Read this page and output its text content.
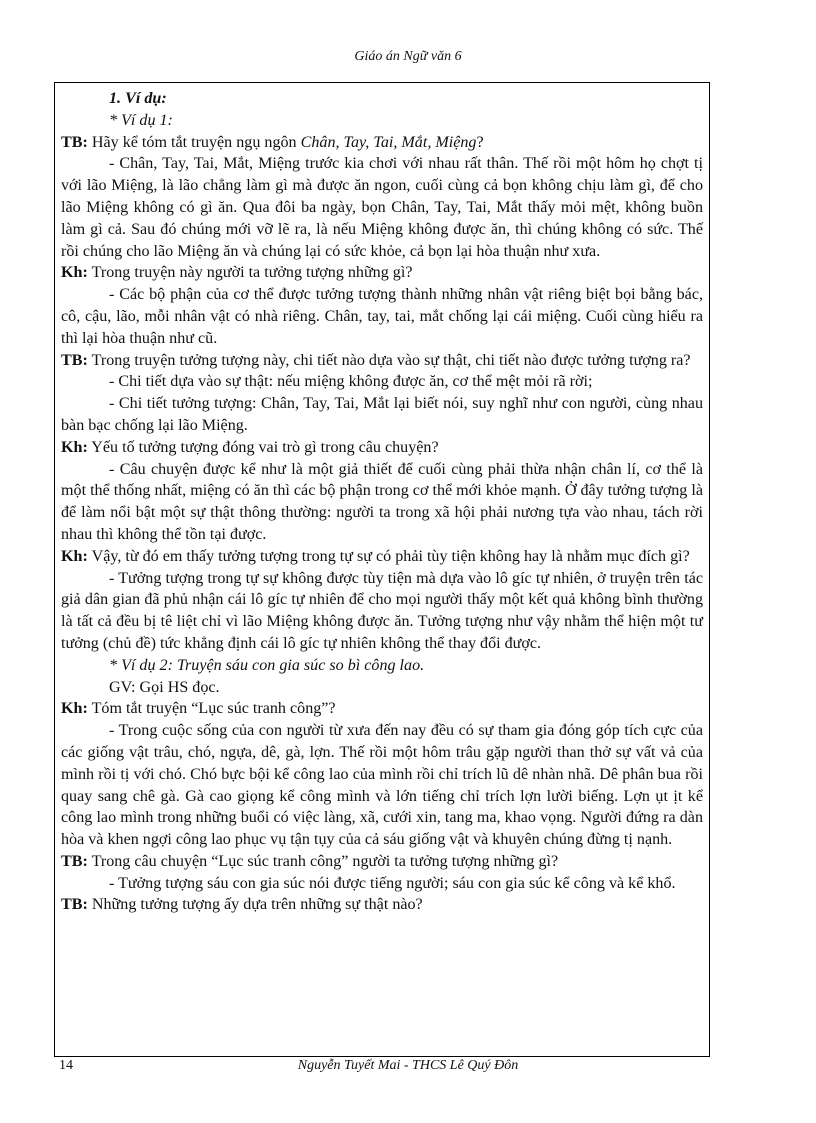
Giáo án Ngữ văn 6

1. Ví dụ:

* Ví dụ 1:

TB: Hãy kể tóm tắt truyện ngụ ngôn Chân, Tay, Tai, Mắt, Miệng?

- Chân, Tay, Tai, Mắt, Miệng trước kia chơi với nhau rất thân. Thế rồi một hôm họ chợt tị với lão Miệng, là lão chẳng làm gì mà được ăn ngon, cuối cùng cả bọn không chịu làm gì, để cho lão Miệng không có gì ăn. Qua đôi ba ngày, bọn Chân, Tay, Tai, Mắt thấy mỏi mệt, không buồn làm gì cả. Sau đó chúng mới vỡ lẽ ra, là nếu Miệng không được ăn, thì chúng không có sức. Thế rồi chúng cho lão Miệng ăn và chúng lại có sức khỏe, cả bọn lại hòa thuận như xưa.

Kh: Trong truyện này người ta tưởng tượng những gì?

- Các bộ phận của cơ thể được tưởng tượng thành những nhân vật riêng biệt bọi bằng bác, cô, cậu, lão, mỗi nhân vật có nhà riêng. Chân, tay, tai, mắt chống lại cái miệng. Cuối cùng hiểu ra thì lại hòa thuận như cũ.

TB: Trong truyện tưởng tượng này, chi tiết nào dựa vào sự thật, chi tiết nào được tưởng tượng ra?

- Chi tiết dựa vào sự thật: nếu miệng không được ăn, cơ thể mệt mỏi rã rời;

- Chi tiết tưởng tượng: Chân, Tay, Tai, Mắt lại biết nói, suy nghĩ như con người, cùng nhau bàn bạc chống lại lão Miệng.

Kh: Yếu tố tưởng tượng đóng vai trò gì trong câu chuyện?

- Câu chuyện được kể như là một giả thiết để cuối cùng phải thừa nhận chân lí, cơ thể là một thể thống nhất, miệng có ăn thì các bộ phận trong cơ thể mới khỏe mạnh. Ở đây tưởng tượng là để làm nổi bật một sự thật thông thường: người ta trong xã hội phải nương tựa vào nhau, tách rời nhau thì không thể tồn tại được.

Kh: Vậy, từ đó em thấy tưởng tượng trong tự sự có phải tùy tiện không hay là nhằm mục đích gì?

- Tưởng tượng trong tự sự không được tùy tiện mà dựa vào lô gíc tự nhiên, ở truyện trên tác giả dân gian đã phủ nhận cái lô gíc tự nhiên để cho mọi người thấy một kết quả không bình thường là tất cả đều bị tê liệt chỉ vì lão Miệng không được ăn. Tưởng tượng như vậy nhằm thể hiện một tư tưởng (chủ đề) tức khẳng định cái lô gíc tự nhiên không thể thay đổi được.

* Ví dụ 2: Truyện sáu con gia súc so bì công lao.

GV: Gọi HS đọc.

Kh: Tóm tắt truyện “Lục súc tranh công”?

- Trong cuộc sống của con người từ xưa đến nay đều có sự tham gia đóng góp tích cực của các giống vật trâu, chó, ngựa, dê, gà, lợn. Thế rồi một hôm trâu gặp người than thở sự vất vả của mình rồi tị với chó. Chó bực bội kể công lao của mình rồi chỉ trích lũ dê nhàn nhã. Dê phân bua rồi quay sang chê gà. Gà cao giọng kể công mình và lớn tiếng chỉ trích lợn lười biếng. Lợn ụt ịt kể công lao mình trong những buổi có việc làng, xã, cưới xin, tang ma, khao vọng. Người đứng ra dàn hòa và khen ngợi công lao phục vụ tận tụy của cả sáu giống vật và khuyên chúng đừng tị nạnh.

TB: Trong câu chuyện “Lục súc tranh công” người ta tưởng tượng những gì?

- Tưởng tượng sáu con gia súc nói được tiếng người; sáu con gia súc kể công và kể khổ.

TB: Những tưởng tượng ấy dựa trên những sự thật nào?

14	Nguyễn Tuyết Mai - THCS Lê Quý Đôn
